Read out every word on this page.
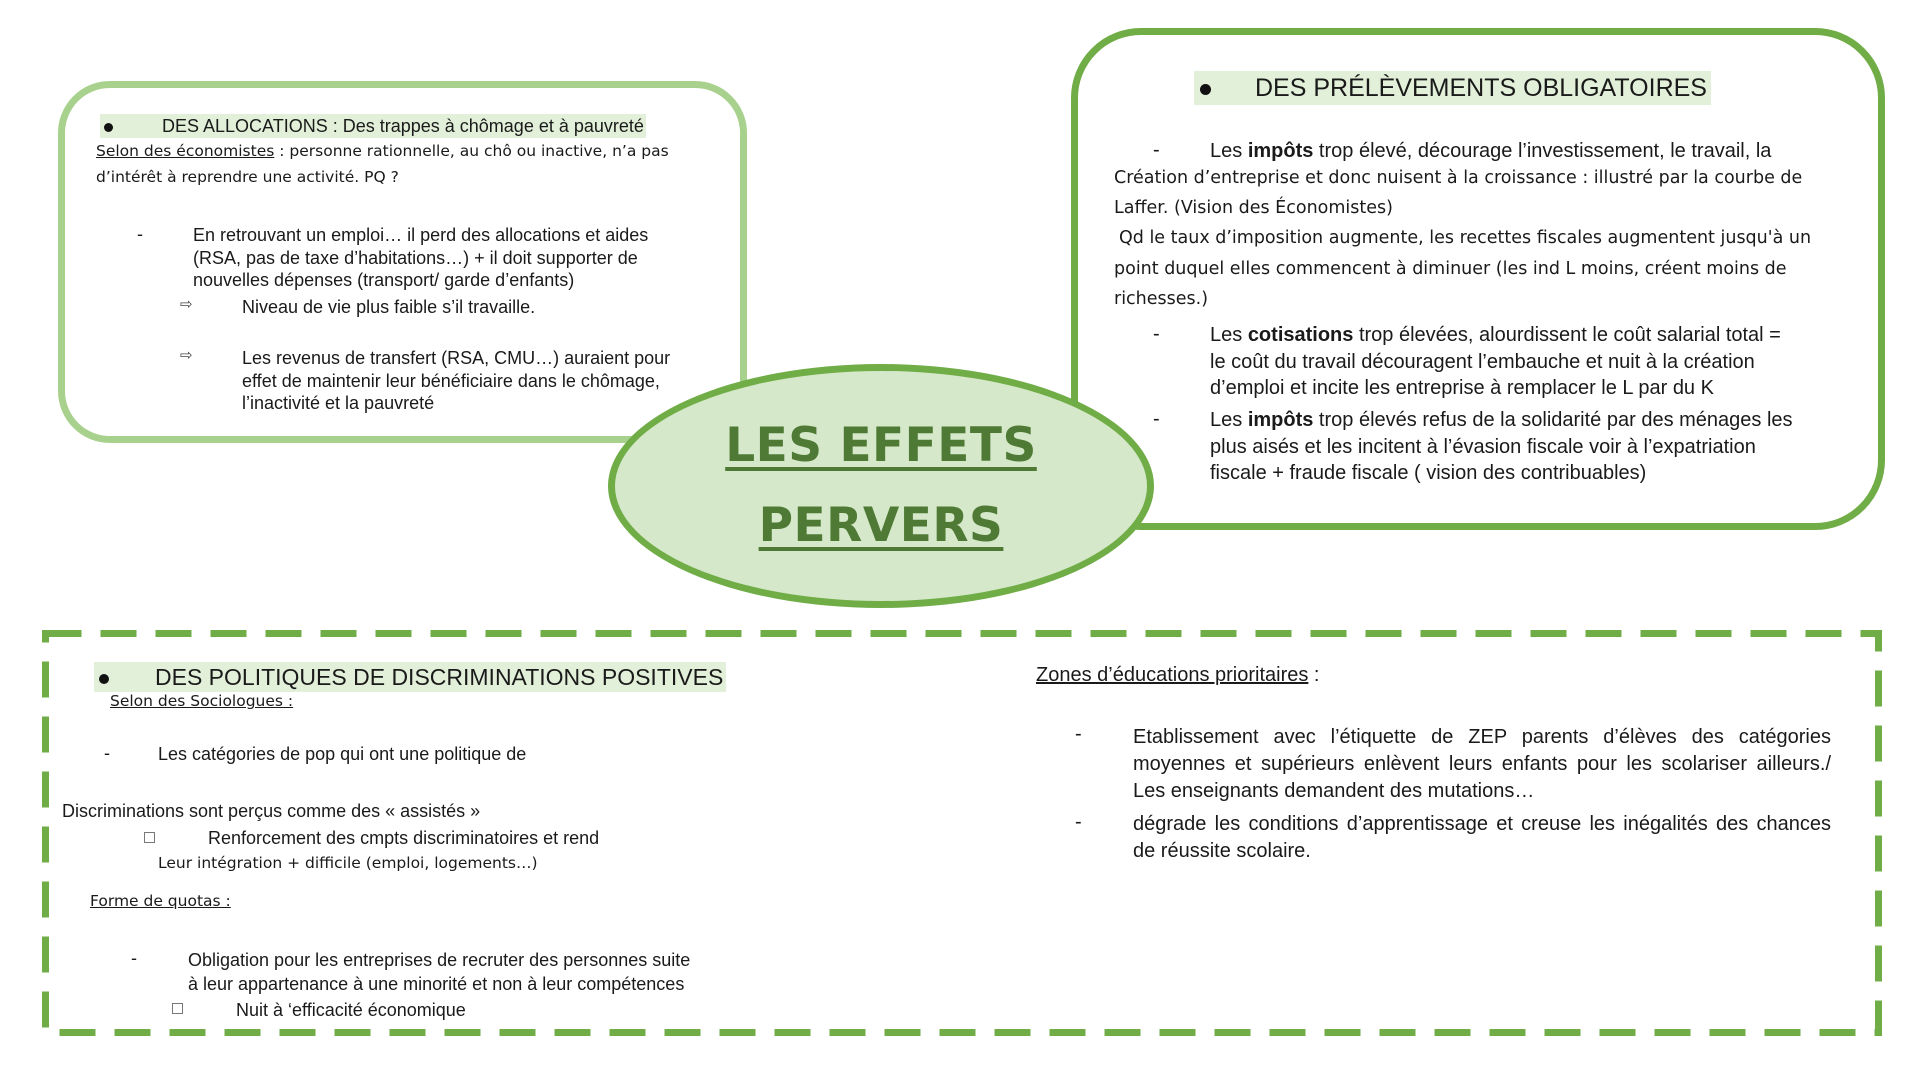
LES EFFETS
PERVERS
DES ALLOCATIONS : Des trappes à chômage et à pauvreté
Selon des économistes : personne rationnelle, au chô ou inactive, n’a pas
d’intérêt à reprendre une activité. PQ ?
-	En retrouvant un emploi… il perd des allocations et aides
(RSA, pas de taxe d’habitations…) + il doit supporter de
nouvelles dépenses (transport/ garde d’enfants)
⇨	Niveau de vie plus faible s’il travaille.
⇨	Les revenus de transfert (RSA, CMU…) auraient pour
effet de maintenir leur bénéficiaire dans le chômage,
l’inactivité et la pauvreté
DES PRÉLÈVEMENTS OBLIGATOIRES
-	Les impôts trop élevé, décourage l’investissement, le travail, la
Création d’entreprise et donc nuisent à la croissance : illustré par la courbe de
Laffer. (Vision des Économistes)
Qd le taux d’imposition augmente, les recettes fiscales augmentent jusqu'à un
point duquel elles commencent à diminuer (les ind L moins, créent moins de
richesses.)
-	Les cotisations trop élevées, alourdissent le coût salarial total =
le coût du travail découragent l’embauche et nuit à la création
d’emploi et incite les entreprise à remplacer le L par du K
-	Les impôts trop élevés refus de la solidarité par des ménages les
plus aisés et les incitent à l’évasion fiscale voir à l’expatriation
fiscale + fraude fiscale ( vision des contribuables)
DES POLITIQUES DE DISCRIMINATIONS POSITIVES
Selon des Sociologues :
-	Les catégories de pop qui ont une politique de
Discriminations sont perçus comme des « assistés »
Renforcement des cmpts discriminatoires et rend
Leur intégration + difficile (emploi, logements…)
Forme de quotas :
-	Obligation pour les entreprises de recruter des personnes suite
à leur appartenance à une minorité et non à leur compétences
Nuit à ‘efficacité économique
Zones d’éducations prioritaires :
-	Etablissement avec l’étiquette de ZEP parents d’élèves des catégories moyennes et supérieurs enlèvent leurs enfants pour les scolariser ailleurs./ Les enseignants demandent des mutations…
-	dégrade les conditions d’apprentissage et creuse les inégalités des chances de réussite scolaire.
